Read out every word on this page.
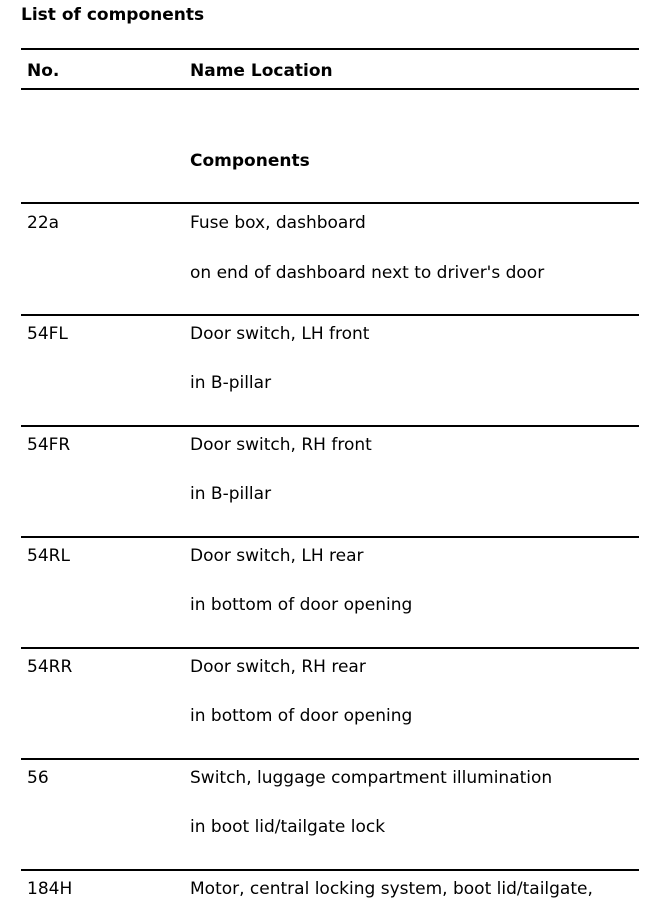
List of components
No.	Name Location
Components
22a	Fuse box, dashboard
on end of dashboard next to driver's door
54FL	Door switch, LH front
in B-pillar
54FR	Door switch, RH front
in B-pillar
54RL	Door switch, LH rear
in bottom of door opening
54RR	Door switch, RH rear
in bottom of door opening
56	Switch, luggage compartment illumination
in boot lid/tailgate lock
184H	Motor, central locking system, boot lid/tailgate,
